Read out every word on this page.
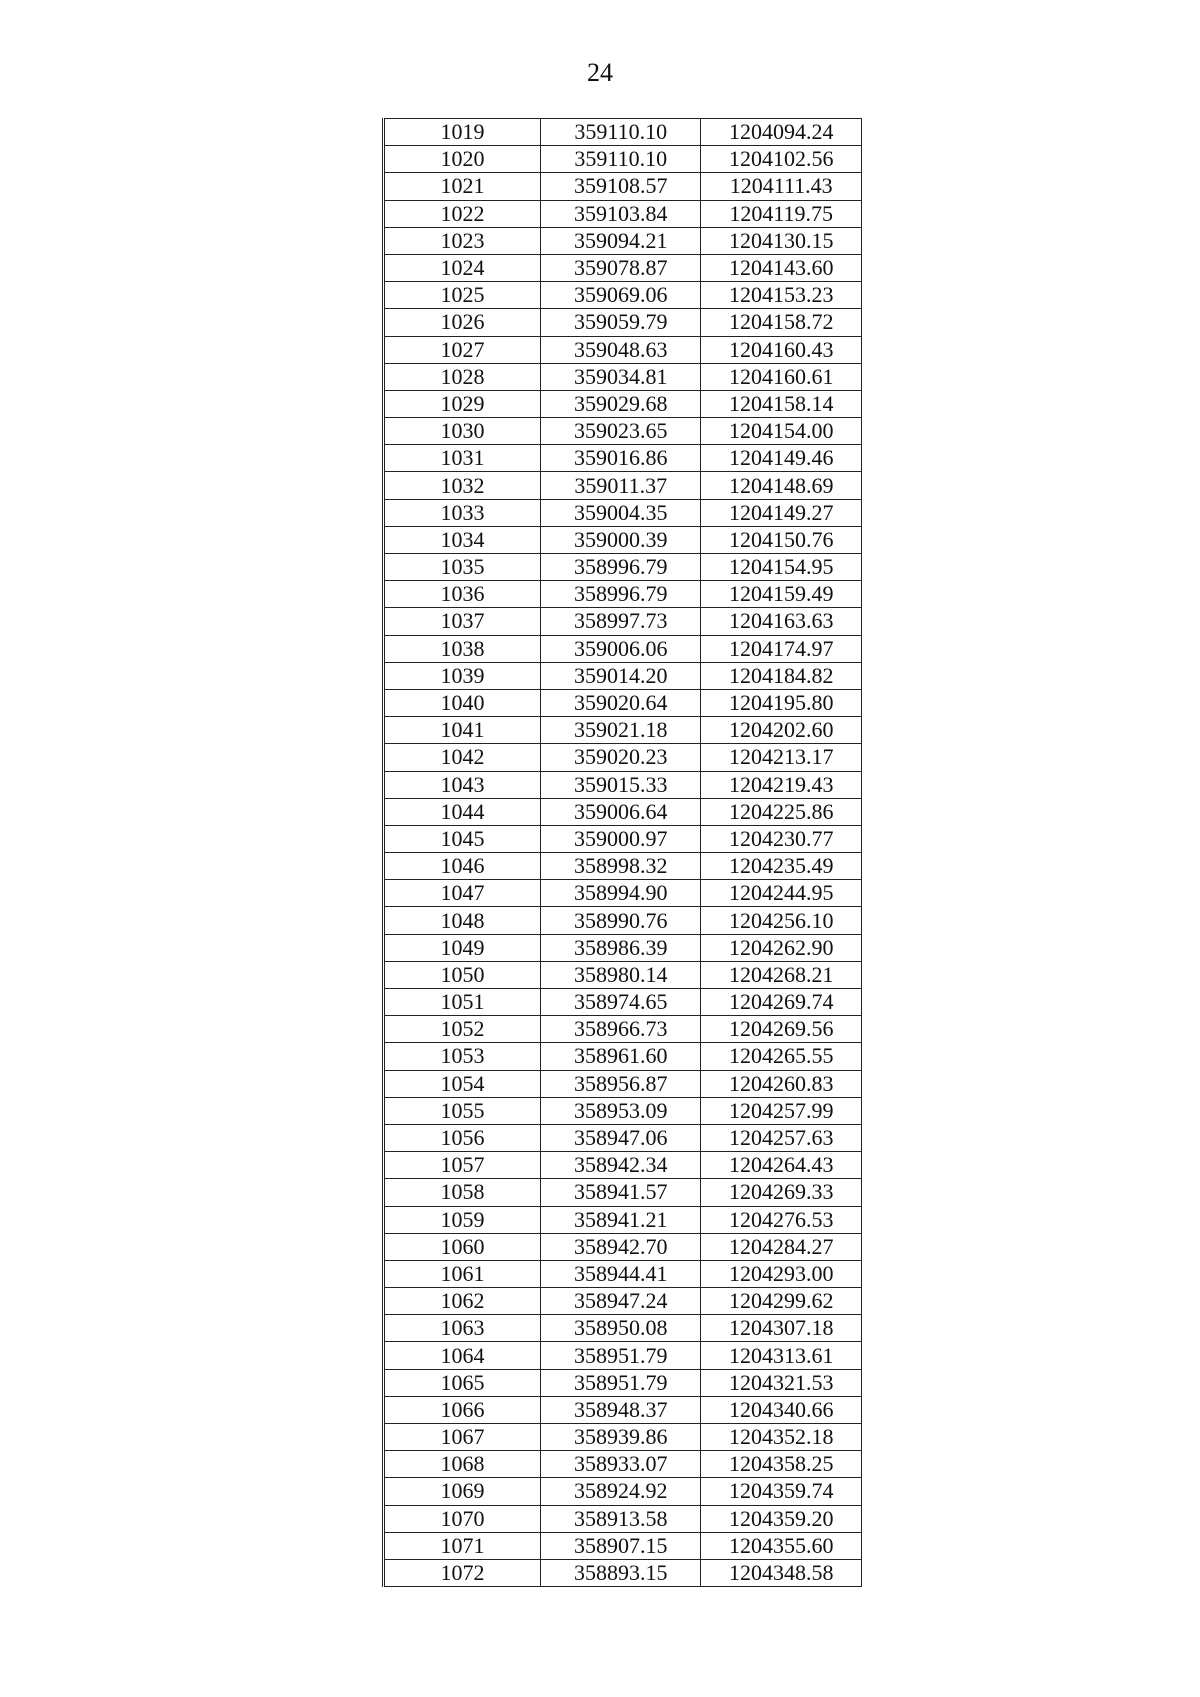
24
1019	359110.10	1204094.24
1020	359110.10	1204102.56
1021	359108.57	1204111.43
1022	359103.84	1204119.75
1023	359094.21	1204130.15
1024	359078.87	1204143.60
1025	359069.06	1204153.23
1026	359059.79	1204158.72
1027	359048.63	1204160.43
1028	359034.81	1204160.61
1029	359029.68	1204158.14
1030	359023.65	1204154.00
1031	359016.86	1204149.46
1032	359011.37	1204148.69
1033	359004.35	1204149.27
1034	359000.39	1204150.76
1035	358996.79	1204154.95
1036	358996.79	1204159.49
1037	358997.73	1204163.63
1038	359006.06	1204174.97
1039	359014.20	1204184.82
1040	359020.64	1204195.80
1041	359021.18	1204202.60
1042	359020.23	1204213.17
1043	359015.33	1204219.43
1044	359006.64	1204225.86
1045	359000.97	1204230.77
1046	358998.32	1204235.49
1047	358994.90	1204244.95
1048	358990.76	1204256.10
1049	358986.39	1204262.90
1050	358980.14	1204268.21
1051	358974.65	1204269.74
1052	358966.73	1204269.56
1053	358961.60	1204265.55
1054	358956.87	1204260.83
1055	358953.09	1204257.99
1056	358947.06	1204257.63
1057	358942.34	1204264.43
1058	358941.57	1204269.33
1059	358941.21	1204276.53
1060	358942.70	1204284.27
1061	358944.41	1204293.00
1062	358947.24	1204299.62
1063	358950.08	1204307.18
1064	358951.79	1204313.61
1065	358951.79	1204321.53
1066	358948.37	1204340.66
1067	358939.86	1204352.18
1068	358933.07	1204358.25
1069	358924.92	1204359.74
1070	358913.58	1204359.20
1071	358907.15	1204355.60
1072	358893.15	1204348.58
